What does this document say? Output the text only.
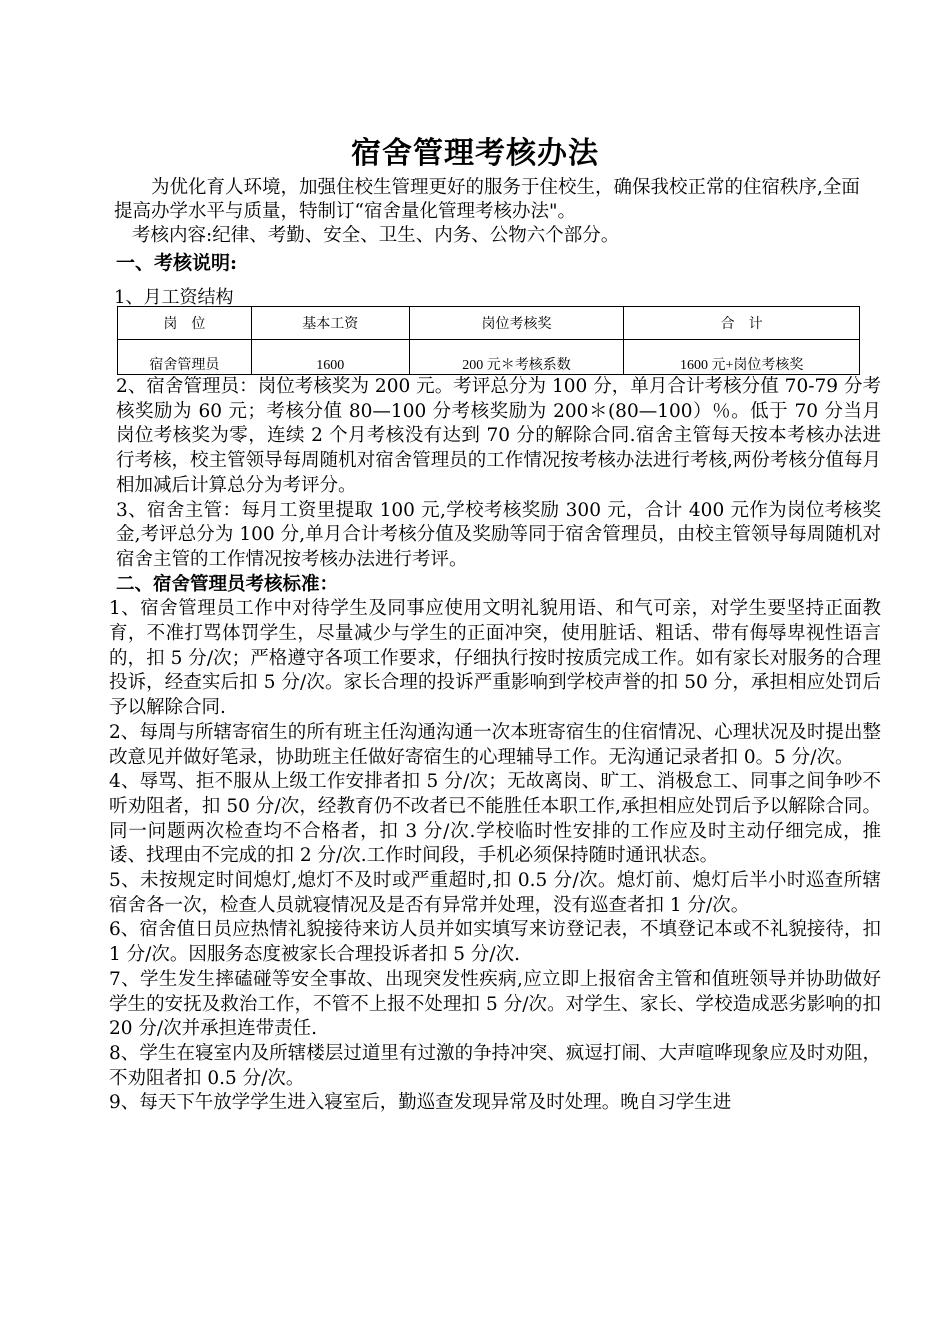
宿舍管理考核办法

为优化育人环境，加强住校生管理更好的服务于住校生，确保我校正常的住宿秩序,全面提高办学水平与质量，特制订“宿舍量化管理考核办法"。

考核内容:纪律、考勤、安全、卫生、内务、公物六个部分。

一、考核说明:
1、月工资结构
岗　位	基本工资	岗位考核奖	合　计
宿舍管理员	1600	200 元＊考核系数	1600 元+岗位考核奖

2、宿舍管理员：岗位考核奖为 200 元。考评总分为 100 分，单月合计考核分值 70-79 分考核奖励为 60 元；考核分值 80—100 分考核奖励为 200＊(80—100）％。低于 70 分当月岗位考核奖为零，连续 2 个月考核没有达到 70 分的解除合同.宿舍主管每天按本考核办法进行考核，校主管领导每周随机对宿舍管理员的工作情况按考核办法进行考核,两份考核分值每月相加减后计算总分为考评分。

3、宿舍主管：每月工资里提取 100 元,学校考核奖励 300 元，合计 400 元作为岗位考核奖金,考评总分为 100 分,单月合计考核分值及奖励等同于宿舍管理员，由校主管领导每周随机对宿舍主管的工作情况按考核办法进行考评。

二、宿舍管理员考核标准：

1、宿舍管理员工作中对待学生及同事应使用文明礼貌用语、和气可亲，对学生要坚持正面教育，不准打骂体罚学生，尽量减少与学生的正面冲突，使用脏话、粗话、带有侮辱卑视性语言的，扣 5 分/次；严格遵守各项工作要求，仔细执行按时按质完成工作。如有家长对服务的合理投诉，经查实后扣 5 分/次。家长合理的投诉严重影响到学校声誉的扣 50 分，承担相应处罚后予以解除合同.

2、每周与所辖寄宿生的所有班主任沟通沟通一次本班寄宿生的住宿情况、心理状况及时提出整改意见并做好笔录，协助班主任做好寄宿生的心理辅导工作。无沟通记录者扣 0。5 分/次。

4、辱骂、拒不服从上级工作安排者扣 5 分/次；无故离岗、旷工、消极怠工、同事之间争吵不听劝阻者，扣 50 分/次，经教育仍不改者已不能胜任本职工作,承担相应处罚后予以解除合同。同一问题两次检查均不合格者，扣 3 分/次.学校临时性安排的工作应及时主动仔细完成，推诿、找理由不完成的扣 2 分/次.工作时间段，手机必须保持随时通讯状态。

5、未按规定时间熄灯,熄灯不及时或严重超时,扣 0.5 分/次。熄灯前、熄灯后半小时巡查所辖宿舍各一次，检查人员就寝情况及是否有异常并处理，没有巡查者扣 1 分/次。

6、宿舍值日员应热情礼貌接待来访人员并如实填写来访登记表，不填登记本或不礼貌接待，扣 1 分/次。因服务态度被家长合理投诉者扣 5 分/次.

7、学生发生摔磕碰等安全事故、出现突发性疾病,应立即上报宿舍主管和值班领导并协助做好学生的安抚及救治工作，不管不上报不处理扣 5 分/次。对学生、家长、学校造成恶劣影响的扣 20 分/次并承担连带责任.

8、学生在寝室内及所辖楼层过道里有过激的争持冲突、疯逗打闹、大声喧哗现象应及时劝阻，不劝阻者扣 0.5 分/次。

9、每天下午放学学生进入寝室后，勤巡查发现异常及时处理。晚自习学生进
